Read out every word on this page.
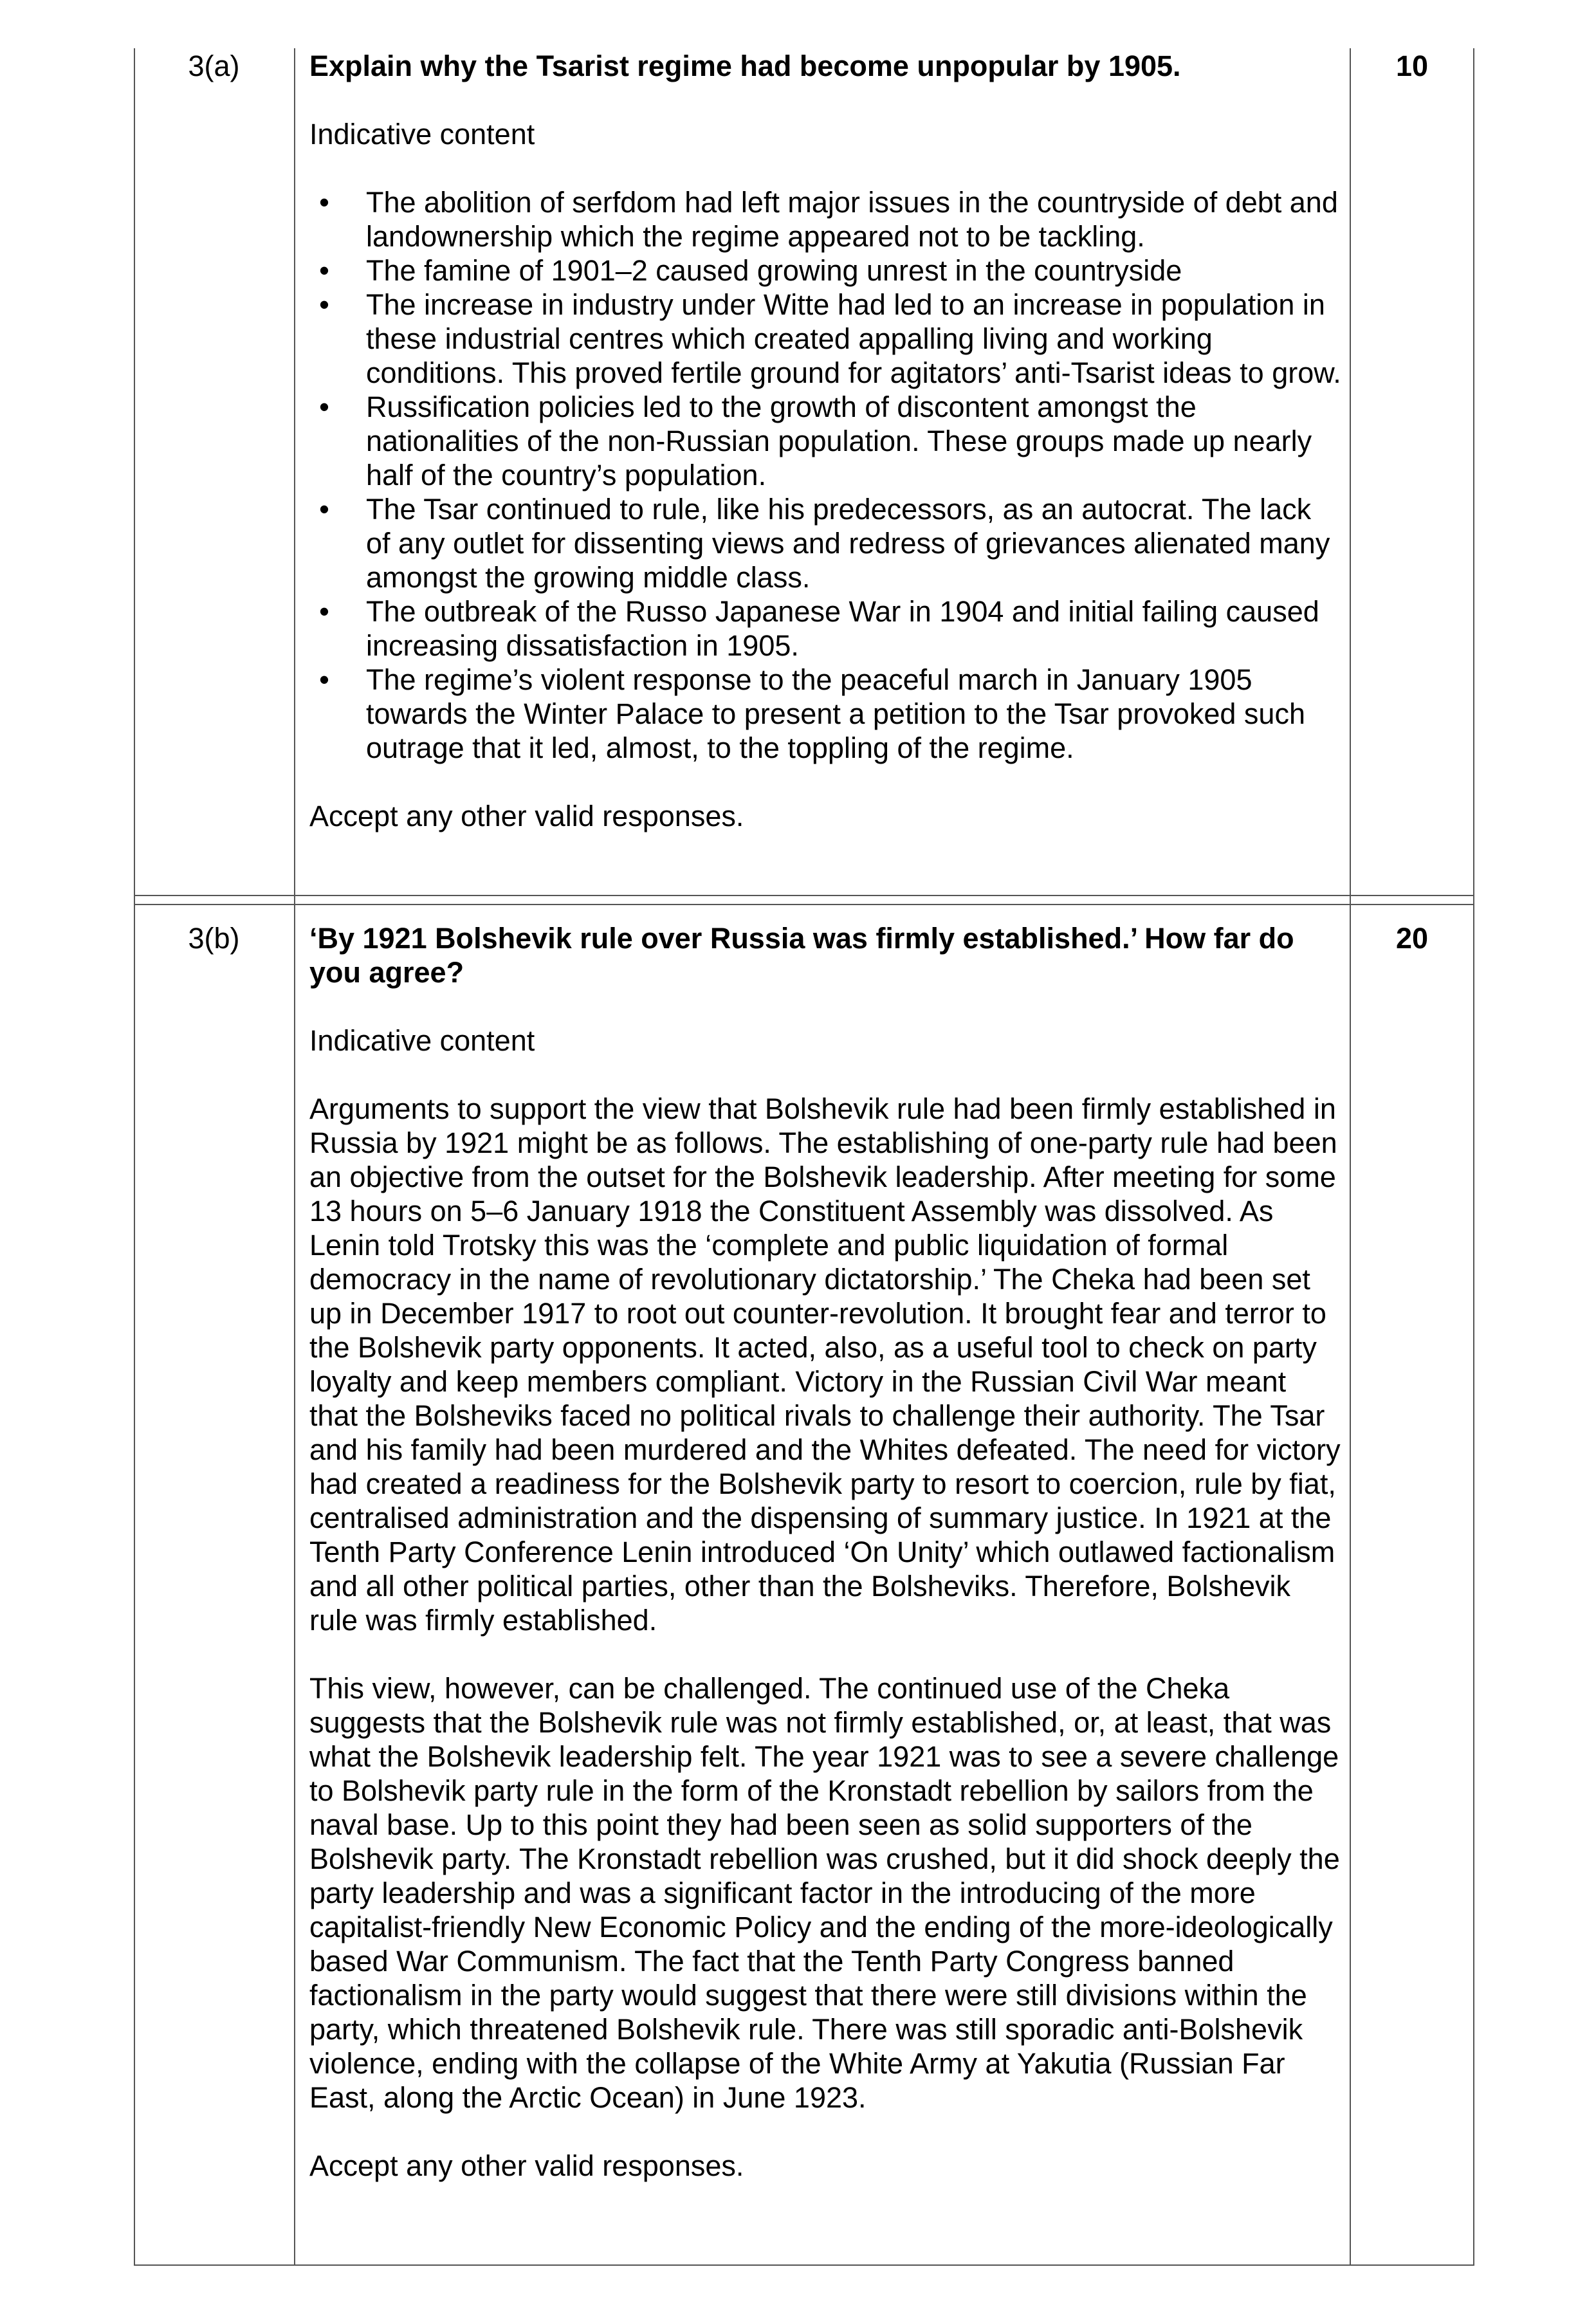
3(a)	10

Explain why the Tsarist regime had become unpopular by 1905.

Indicative content

• The abolition of serfdom had left major issues in the countryside of debt and landownership which the regime appeared not to be tackling.
• The famine of 1901–2 caused growing unrest in the countryside
• The increase in industry under Witte had led to an increase in population in these industrial centres which created appalling living and working conditions. This proved fertile ground for agitators’ anti-Tsarist ideas to grow.
• Russification policies led to the growth of discontent amongst the nationalities of the non-Russian population. These groups made up nearly half of the country’s population.
• The Tsar continued to rule, like his predecessors, as an autocrat. The lack of any outlet for dissenting views and redress of grievances alienated many amongst the growing middle class.
• The outbreak of the Russo Japanese War in 1904 and initial failing caused increasing dissatisfaction in 1905.
• The regime’s violent response to the peaceful march in January 1905 towards the Winter Palace to present a petition to the Tsar provoked such outrage that it led, almost, to the toppling of the regime.

Accept any other valid responses.

3(b)	20

‘By 1921 Bolshevik rule over Russia was firmly established.’ How far do you agree?

Indicative content

Arguments to support the view that Bolshevik rule had been firmly established in Russia by 1921 might be as follows. The establishing of one-party rule had been an objective from the outset for the Bolshevik leadership. After meeting for some 13 hours on 5–6 January 1918 the Constituent Assembly was dissolved. As Lenin told Trotsky this was the ‘complete and public liquidation of formal democracy in the name of revolutionary dictatorship.’ The Cheka had been set up in December 1917 to root out counter-revolution. It brought fear and terror to the Bolshevik party opponents. It acted, also, as a useful tool to check on party loyalty and keep members compliant. Victory in the Russian Civil War meant that the Bolsheviks faced no political rivals to challenge their authority. The Tsar and his family had been murdered and the Whites defeated. The need for victory had created a readiness for the Bolshevik party to resort to coercion, rule by fiat, centralised administration and the dispensing of summary justice. In 1921 at the Tenth Party Conference Lenin introduced ‘On Unity’ which outlawed factionalism and all other political parties, other than the Bolsheviks. Therefore, Bolshevik rule was firmly established.

This view, however, can be challenged. The continued use of the Cheka suggests that the Bolshevik rule was not firmly established, or, at least, that was what the Bolshevik leadership felt. The year 1921 was to see a severe challenge to Bolshevik party rule in the form of the Kronstadt rebellion by sailors from the naval base. Up to this point they had been seen as solid supporters of the Bolshevik party. The Kronstadt rebellion was crushed, but it did shock deeply the party leadership and was a significant factor in the introducing of the more capitalist-friendly New Economic Policy and the ending of the more-ideologically based War Communism. The fact that the Tenth Party Congress banned factionalism in the party would suggest that there were still divisions within the party, which threatened Bolshevik rule. There was still sporadic anti-Bolshevik violence, ending with the collapse of the White Army at Yakutia (Russian Far East, along the Arctic Ocean) in June 1923.

Accept any other valid responses.
